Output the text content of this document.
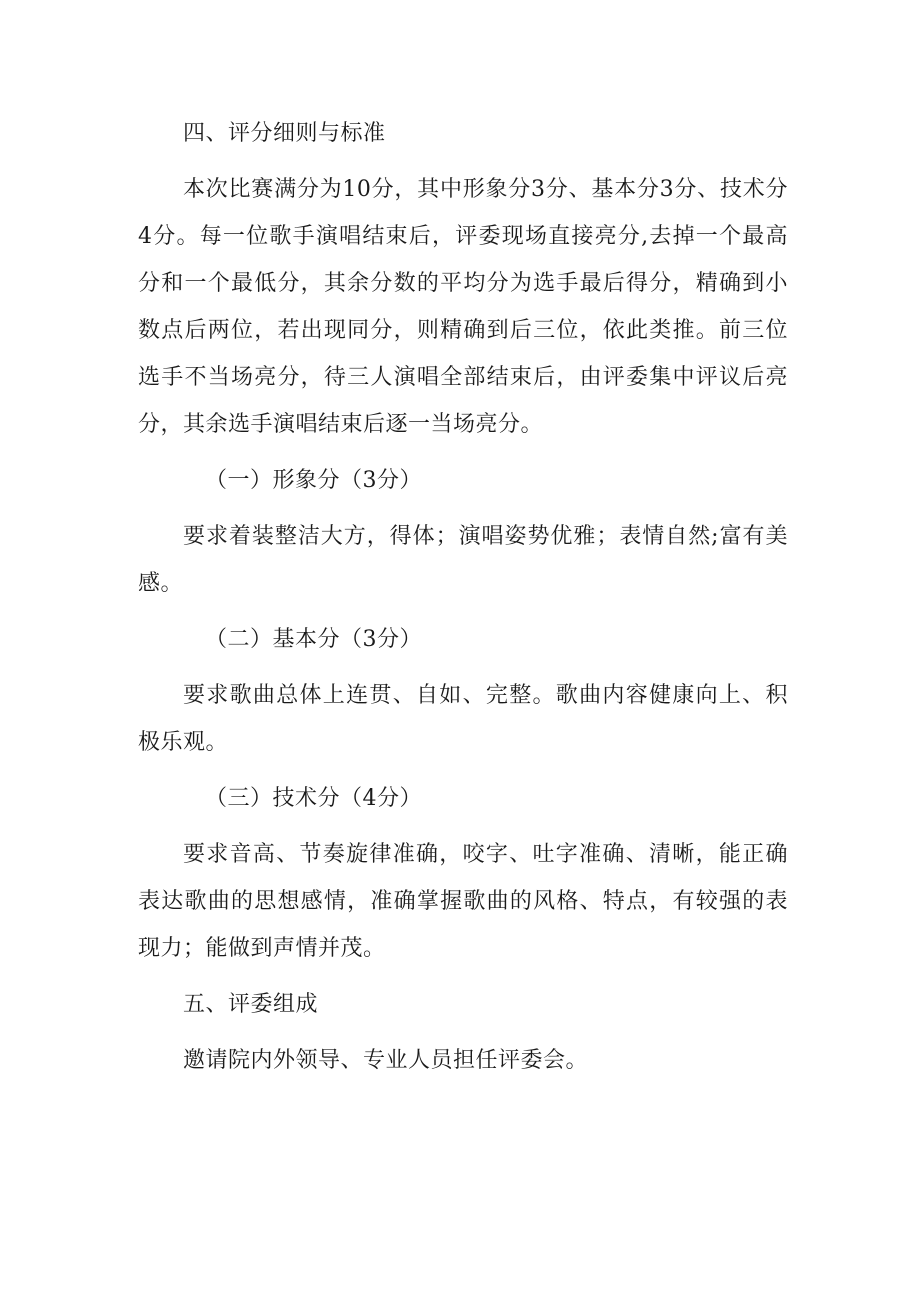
四、评分细则与标准

本次比赛满分为10分，其中形象分3分、基本分3分、技术分4分。每一位歌手演唱结束后，评委现场直接亮分,去掉一个最高分和一个最低分，其余分数的平均分为选手最后得分，精确到小数点后两位，若出现同分，则精确到后三位，依此类推。前三位选手不当场亮分，待三人演唱全部结束后，由评委集中评议后亮分，其余选手演唱结束后逐一当场亮分。

（一）形象分（3分）

要求着装整洁大方，得体；演唱姿势优雅；表情自然;富有美感。

（二）基本分（3分）

要求歌曲总体上连贯、自如、完整。歌曲内容健康向上、积极乐观。

（三）技术分（4分）

要求音高、节奏旋律准确，咬字、吐字准确、清晰，能正确表达歌曲的思想感情，准确掌握歌曲的风格、特点，有较强的表现力；能做到声情并茂。

五、评委组成

邀请院内外领导、专业人员担任评委会。
